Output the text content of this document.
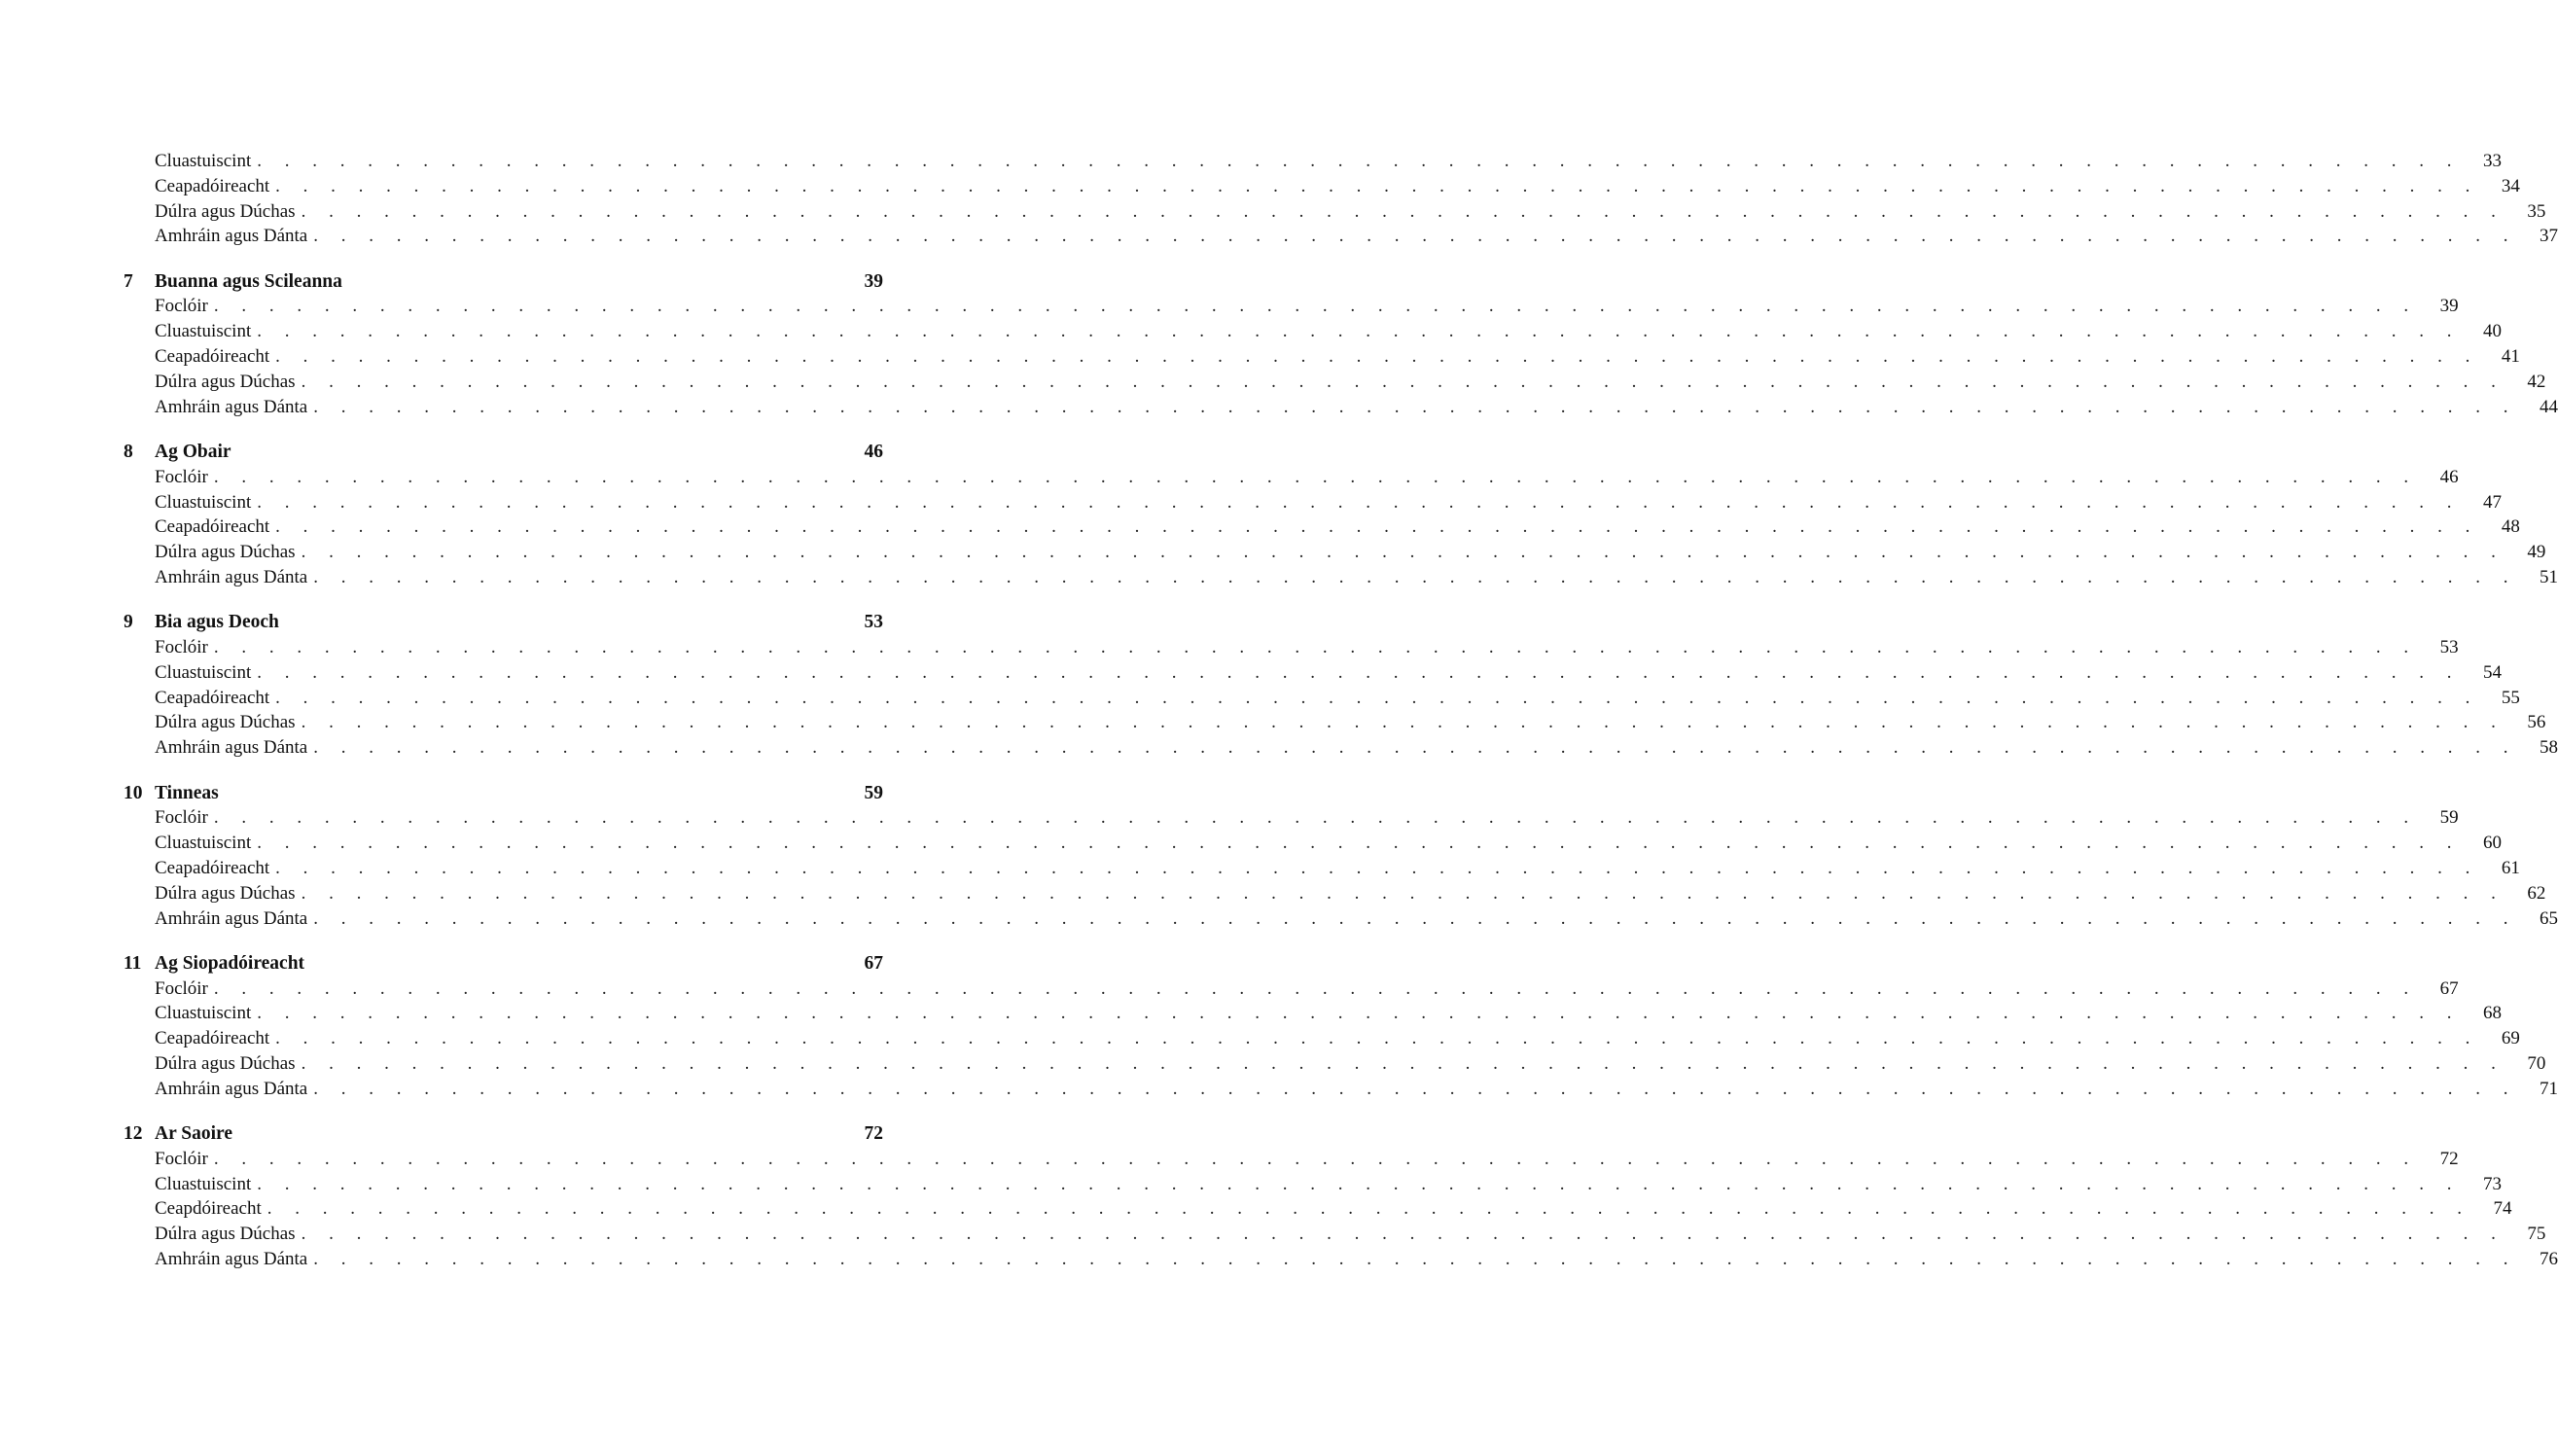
Cluastuiscint . . . . . . . . . . . . . . . . . . . . . . . . . . . . . . . . . . . . . . . . . . . . . . . . . . . . . . . . . . . . . . . . . . . . . . . . . . . . . . . .	33
Ceapadóireacht . . . . . . . . . . . . . . . . . . . . . . . . . . . . . . . . . . . . . . . . . . . . . . . . . . . . . . . . . . . . . . . . . . . . . . . . . . . . . . . .	34
Dúlra agus Dúchas . . . . . . . . . . . . . . . . . . . . . . . . . . . . . . . . . . . . . . . . . . . . . . . . . . . . . . . . . . . . . . . . . . . . . . . . . . . . . . . .	35
Amhráin agus Dánta . . . . . . . . . . . . . . . . . . . . . . . . . . . . . . . . . . . . . . . . . . . . . . . . . . . . . . . . . . . . . . . . . . . . . . . . . . . . . . . .	37
7	Buanna agus Scileanna	39
Foclóir . . . . . . . . . . . . . . . . . . . . . . . . . . . . . . . . . . . . . . . . . . . . . . . . . . . . . . . . . . . . . . . . . . . . . . . . . . . . . . . .	39
Cluastuiscint . . . . . . . . . . . . . . . . . . . . . . . . . . . . . . . . . . . . . . . . . . . . . . . . . . . . . . . . . . . . . . . . . . . . . . . . . . . . . . . .	40
Ceapadóireacht . . . . . . . . . . . . . . . . . . . . . . . . . . . . . . . . . . . . . . . . . . . . . . . . . . . . . . . . . . . . . . . . . . . . . . . . . . . . . . . .	41
Dúlra agus Dúchas . . . . . . . . . . . . . . . . . . . . . . . . . . . . . . . . . . . . . . . . . . . . . . . . . . . . . . . . . . . . . . . . . . . . . . . . . . . . . . . .	42
Amhráin agus Dánta . . . . . . . . . . . . . . . . . . . . . . . . . . . . . . . . . . . . . . . . . . . . . . . . . . . . . . . . . . . . . . . . . . . . . . . . . . . . . . . .	44
8	Ag Obair	46
Foclóir . . . . . . . . . . . . . . . . . . . . . . . . . . . . . . . . . . . . . . . . . . . . . . . . . . . . . . . . . . . . . . . . . . . . . . . . . . . . . . . .	46
Cluastuiscint . . . . . . . . . . . . . . . . . . . . . . . . . . . . . . . . . . . . . . . . . . . . . . . . . . . . . . . . . . . . . . . . . . . . . . . . . . . . . . . .	47
Ceapadóireacht . . . . . . . . . . . . . . . . . . . . . . . . . . . . . . . . . . . . . . . . . . . . . . . . . . . . . . . . . . . . . . . . . . . . . . . . . . . . . . . .	48
Dúlra agus Dúchas . . . . . . . . . . . . . . . . . . . . . . . . . . . . . . . . . . . . . . . . . . . . . . . . . . . . . . . . . . . . . . . . . . . . . . . . . . . . . . . .	49
Amhráin agus Dánta . . . . . . . . . . . . . . . . . . . . . . . . . . . . . . . . . . . . . . . . . . . . . . . . . . . . . . . . . . . . . . . . . . . . . . . . . . . . . . . .	51
9	Bia agus Deoch	53
Foclóir . . . . . . . . . . . . . . . . . . . . . . . . . . . . . . . . . . . . . . . . . . . . . . . . . . . . . . . . . . . . . . . . . . . . . . . . . . . . . . . .	53
Cluastuiscint . . . . . . . . . . . . . . . . . . . . . . . . . . . . . . . . . . . . . . . . . . . . . . . . . . . . . . . . . . . . . . . . . . . . . . . . . . . . . . . .	54
Ceapadóireacht . . . . . . . . . . . . . . . . . . . . . . . . . . . . . . . . . . . . . . . . . . . . . . . . . . . . . . . . . . . . . . . . . . . . . . . . . . . . . . . .	55
Dúlra agus Dúchas . . . . . . . . . . . . . . . . . . . . . . . . . . . . . . . . . . . . . . . . . . . . . . . . . . . . . . . . . . . . . . . . . . . . . . . . . . . . . . . .	56
Amhráin agus Dánta . . . . . . . . . . . . . . . . . . . . . . . . . . . . . . . . . . . . . . . . . . . . . . . . . . . . . . . . . . . . . . . . . . . . . . . . . . . . . . . .	58
10 Tinneas	59
Foclóir . . . . . . . . . . . . . . . . . . . . . . . . . . . . . . . . . . . . . . . . . . . . . . . . . . . . . . . . . . . . . . . . . . . . . . . . . . . . . . . .	59
Cluastuiscint . . . . . . . . . . . . . . . . . . . . . . . . . . . . . . . . . . . . . . . . . . . . . . . . . . . . . . . . . . . . . . . . . . . . . . . . . . . . . . . .	60
Ceapadóireacht . . . . . . . . . . . . . . . . . . . . . . . . . . . . . . . . . . . . . . . . . . . . . . . . . . . . . . . . . . . . . . . . . . . . . . . . . . . . . . . .	61
Dúlra agus Dúchas . . . . . . . . . . . . . . . . . . . . . . . . . . . . . . . . . . . . . . . . . . . . . . . . . . . . . . . . . . . . . . . . . . . . . . . . . . . . . . . .	62
Amhráin agus Dánta . . . . . . . . . . . . . . . . . . . . . . . . . . . . . . . . . . . . . . . . . . . . . . . . . . . . . . . . . . . . . . . . . . . . . . . . . . . . . . . .	65
11 Ag Siopadóireacht	67
Foclóir . . . . . . . . . . . . . . . . . . . . . . . . . . . . . . . . . . . . . . . . . . . . . . . . . . . . . . . . . . . . . . . . . . . . . . . . . . . . . . . .	67
Cluastuiscint . . . . . . . . . . . . . . . . . . . . . . . . . . . . . . . . . . . . . . . . . . . . . . . . . . . . . . . . . . . . . . . . . . . . . . . . . . . . . . . .	68
Ceapadóireacht . . . . . . . . . . . . . . . . . . . . . . . . . . . . . . . . . . . . . . . . . . . . . . . . . . . . . . . . . . . . . . . . . . . . . . . . . . . . . . . .	69
Dúlra agus Dúchas . . . . . . . . . . . . . . . . . . . . . . . . . . . . . . . . . . . . . . . . . . . . . . . . . . . . . . . . . . . . . . . . . . . . . . . . . . . . . . . .	70
Amhráin agus Dánta . . . . . . . . . . . . . . . . . . . . . . . . . . . . . . . . . . . . . . . . . . . . . . . . . . . . . . . . . . . . . . . . . . . . . . . . . . . . . . . .	71
12 Ar Saoire	72
Foclóir . . . . . . . . . . . . . . . . . . . . . . . . . . . . . . . . . . . . . . . . . . . . . . . . . . . . . . . . . . . . . . . . . . . . . . . . . . . . . . . .	72
Cluastuiscint . . . . . . . . . . . . . . . . . . . . . . . . . . . . . . . . . . . . . . . . . . . . . . . . . . . . . . . . . . . . . . . . . . . . . . . . . . . . . . . .	73
Ceapdóireacht . . . . . . . . . . . . . . . . . . . . . . . . . . . . . . . . . . . . . . . . . . . . . . . . . . . . . . . . . . . . . . . . . . . . . . . . . . . . . . . .	74
Dúlra agus Dúchas . . . . . . . . . . . . . . . . . . . . . . . . . . . . . . . . . . . . . . . . . . . . . . . . . . . . . . . . . . . . . . . . . . . . . . . . . . . . . . . .	75
Amhráin agus Dánta . . . . . . . . . . . . . . . . . . . . . . . . . . . . . . . . . . . . . . . . . . . . . . . . . . . . . . . . . . . . . . . . . . . . . . . . . . . . . . . .	76
